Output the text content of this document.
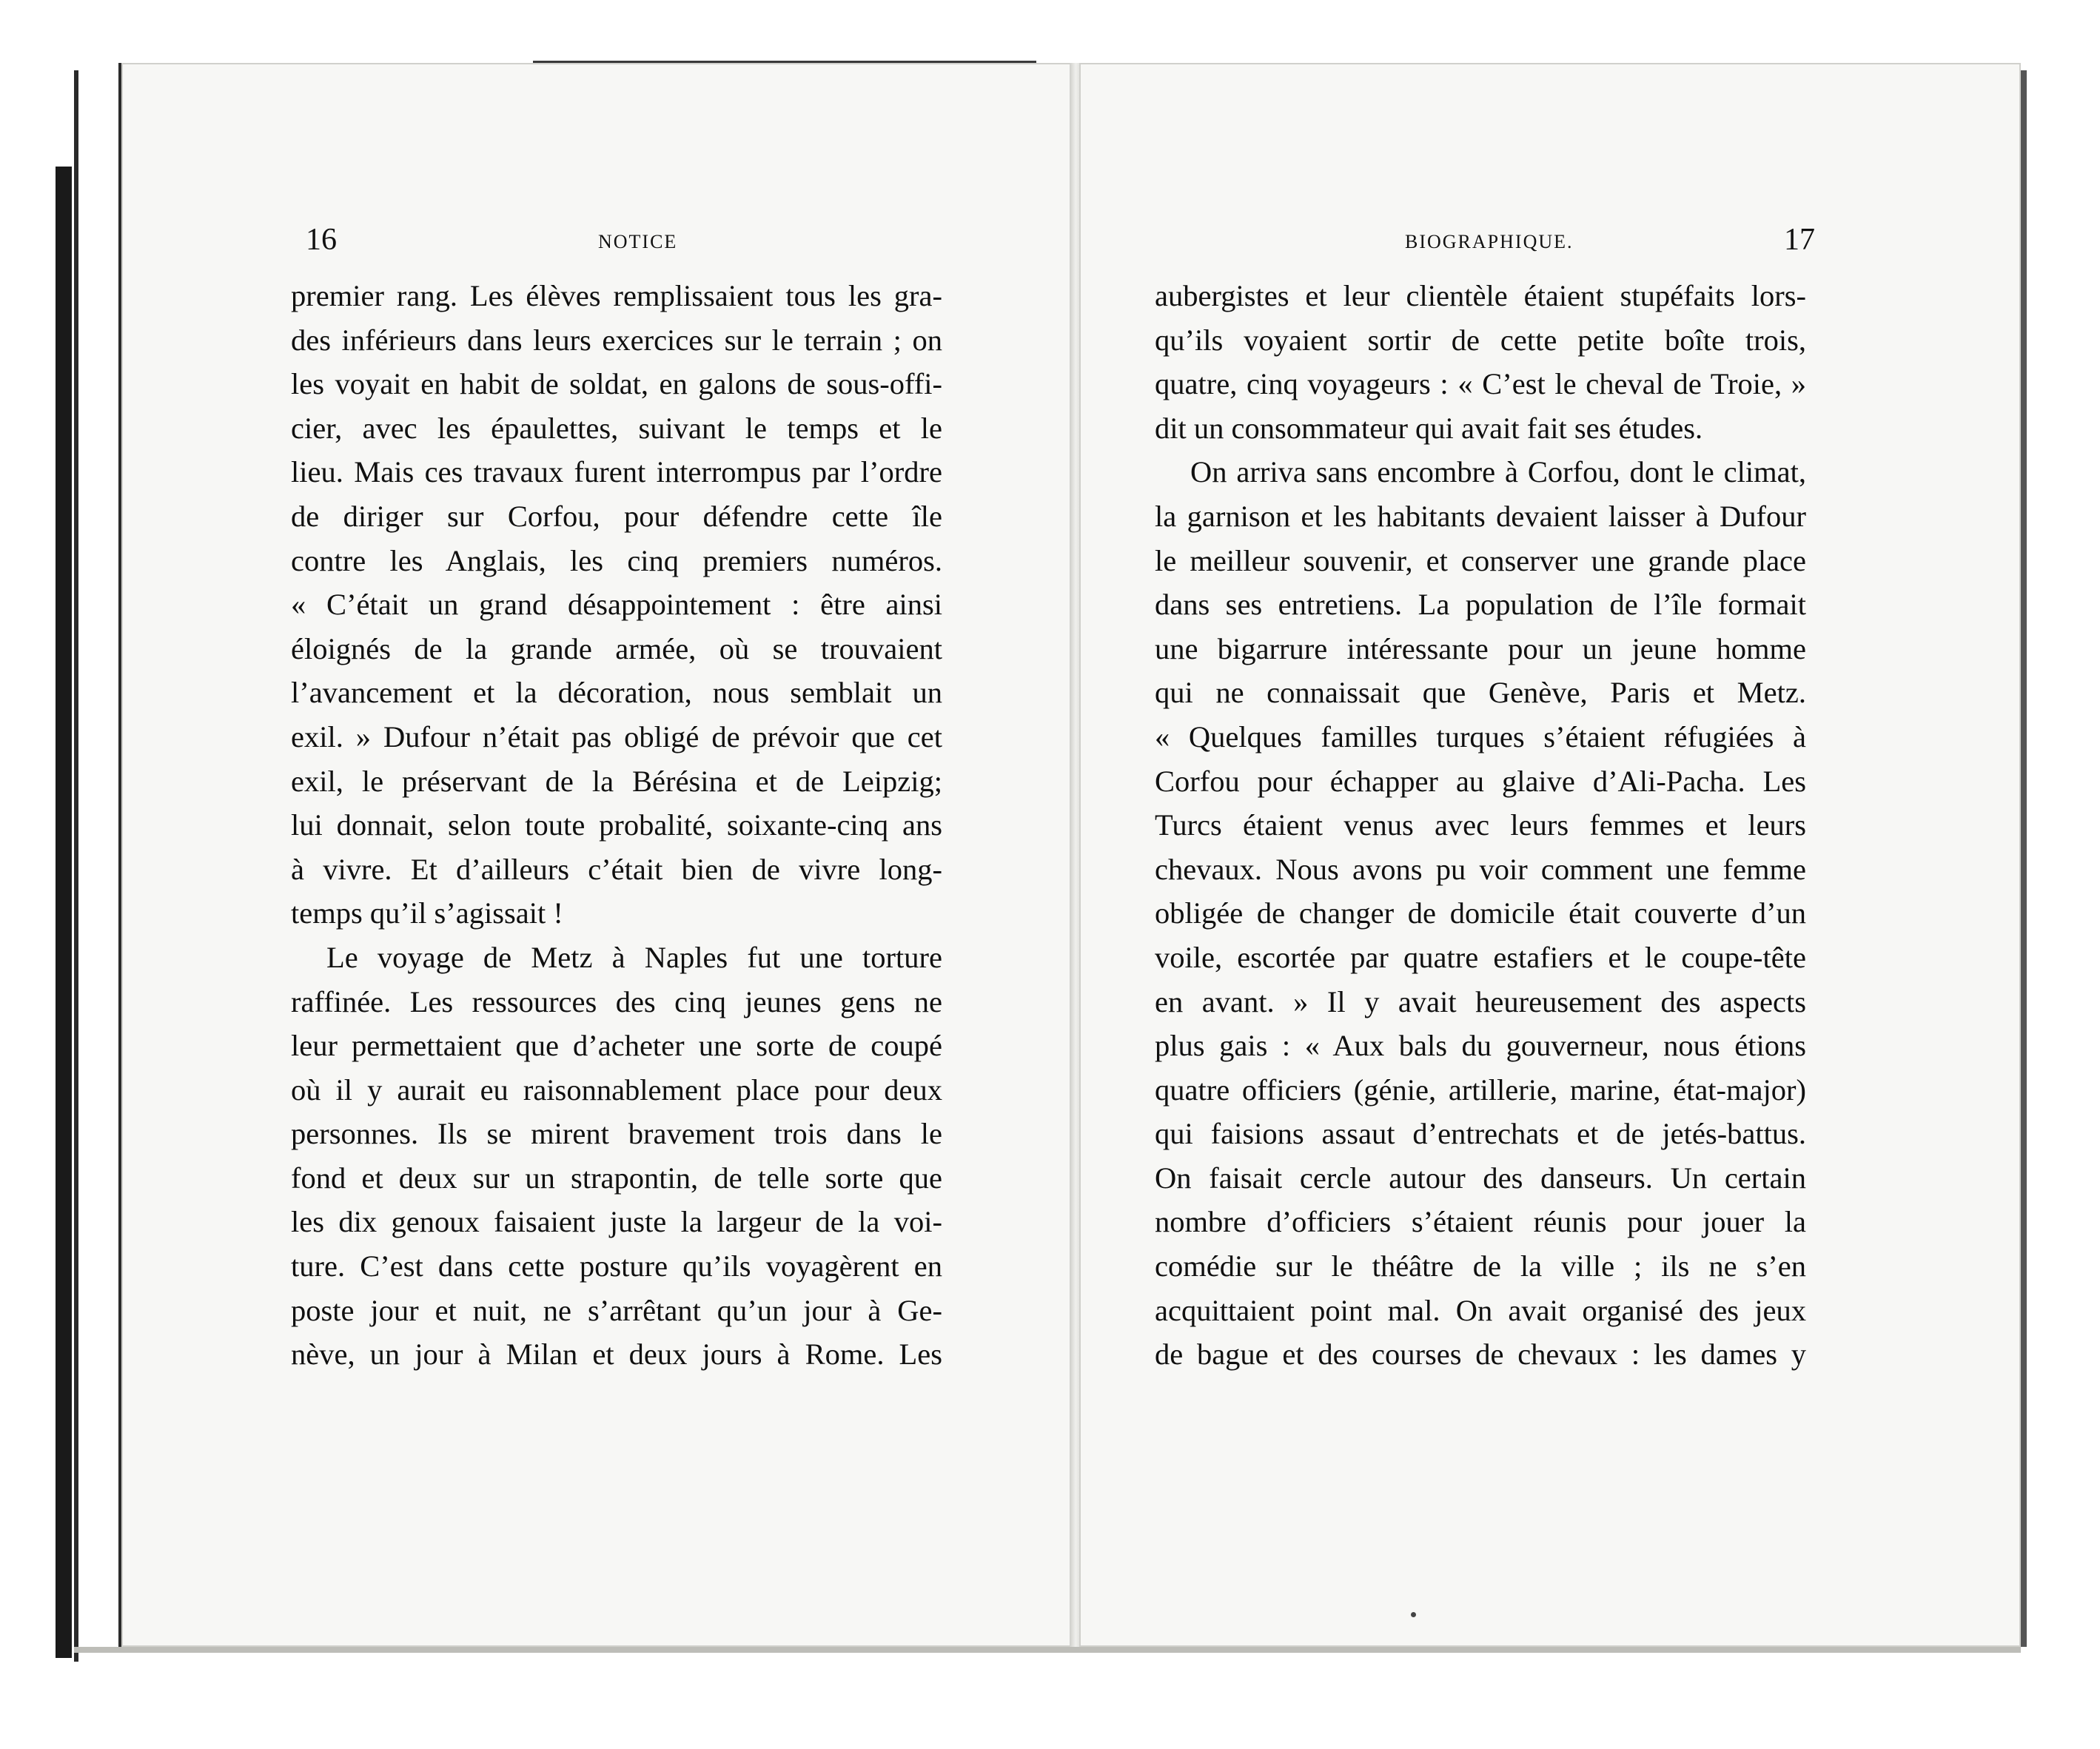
16	NOTICE
premier rang. Les élèves remplissaient tous les gra-
des inférieurs dans leurs exercices sur le terrain ; on
les voyait en habit de soldat, en galons de sous-offi-
cier, avec les épaulettes, suivant le temps et le
lieu. Mais ces travaux furent interrompus par l’ordre
de diriger sur Corfou, pour défendre cette île
contre les Anglais, les cinq premiers numéros.
« C’était un grand désappointement : être ainsi
éloignés de la grande armée, où se trouvaient
l’avancement et la décoration, nous semblait un
exil. » Dufour n’était pas obligé de prévoir que cet
exil, le préservant de la Bérésina et de Leipzig;
lui donnait, selon toute probalité, soixante-cinq ans
à vivre. Et d’ailleurs c’était bien de vivre long-
temps qu’il s’agissait !
Le voyage de Metz à Naples fut une torture
raffinée. Les ressources des cinq jeunes gens ne
leur permettaient que d’acheter une sorte de coupé
où il y aurait eu raisonnablement place pour deux
personnes. Ils se mirent bravement trois dans le
fond et deux sur un strapontin, de telle sorte que
les dix genoux faisaient juste la largeur de la voi-
ture. C’est dans cette posture qu’ils voyagèrent en
poste jour et nuit, ne s’arrêtant qu’un jour à Ge-
nève, un jour à Milan et deux jours à Rome. Les
BIOGRAPHIQUE.	17
aubergistes et leur clientèle étaient stupéfaits lors-
qu’ils voyaient sortir de cette petite boîte trois,
quatre, cinq voyageurs : « C’est le cheval de Troie, »
dit un consommateur qui avait fait ses études.
On arriva sans encombre à Corfou, dont le climat,
la garnison et les habitants devaient laisser à Dufour
le meilleur souvenir, et conserver une grande place
dans ses entretiens. La population de l’île formait
une bigarrure intéressante pour un jeune homme
qui ne connaissait que Genève, Paris et Metz.
« Quelques familles turques s’étaient réfugiées à
Corfou pour échapper au glaive d’Ali-Pacha. Les
Turcs étaient venus avec leurs femmes et leurs
chevaux. Nous avons pu voir comment une femme
obligée de changer de domicile était couverte d’un
voile, escortée par quatre estafiers et le coupe-tête
en avant. » Il y avait heureusement des aspects
plus gais : « Aux bals du gouverneur, nous étions
quatre officiers (génie, artillerie, marine, état-major)
qui faisions assaut d’entrechats et de jetés-battus.
On faisait cercle autour des danseurs. Un certain
nombre d’officiers s’étaient réunis pour jouer la
comédie sur le théâtre de la ville ; ils ne s’en
acquittaient point mal. On avait organisé des jeux
de bague et des courses de chevaux : les dames y
